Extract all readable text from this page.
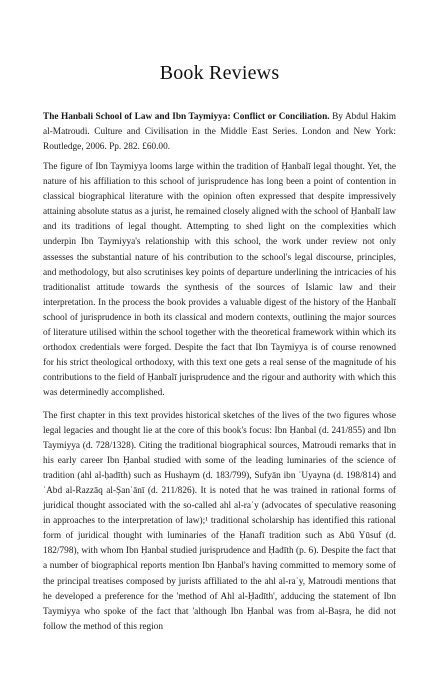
Book Reviews
The Hanbali School of Law and Ibn Taymiyya: Conflict or Conciliation. By Abdul Hakim al-Matroudi. Culture and Civilisation in the Middle East Series. London and New York: Routledge, 2006. Pp. 282. £60.00.

The figure of Ibn Taymiyya looms large within the tradition of Ḥanbalī legal thought. Yet, the nature of his affiliation to this school of jurisprudence has long been a point of contention in classical biographical literature with the opinion often expressed that despite impressively attaining absolute status as a jurist, he remained closely aligned with the school of Ḥanbalī law and its traditions of legal thought. Attempting to shed light on the complexities which underpin Ibn Taymiyya's relationship with this school, the work under review not only assesses the substantial nature of his contribution to the school's legal discourse, principles, and methodology, but also scrutinises key points of departure underlining the intricacies of his traditionalist attitude towards the synthesis of the sources of Islamic law and their interpretation. In the process the book provides a valuable digest of the history of the Ḥanbalī school of jurisprudence in both its classical and modern contexts, outlining the major sources of literature utilised within the school together with the theoretical framework within which its orthodox credentials were forged. Despite the fact that Ibn Taymiyya is of course renowned for his strict theological orthodoxy, with this text one gets a real sense of the magnitude of his contributions to the field of Ḥanbalī jurisprudence and the rigour and authority with which this was determinedly accomplished.

The first chapter in this text provides historical sketches of the lives of the two figures whose legal legacies and thought lie at the core of this book's focus: Ibn Ḥanbal (d. 241/855) and Ibn Taymiyya (d. 728/1328). Citing the traditional biographical sources, Matroudi remarks that in his early career Ibn Ḥanbal studied with some of the leading luminaries of the science of tradition (ahl al-ḥadīth) such as Hushaym (d. 183/799), Sufyān ibn ʿUyayna (d. 198/814) and ʿAbd al-Razzāq al-Ṣanʿānī (d. 211/826). It is noted that he was trained in rational forms of juridical thought associated with the so-called ahl al-raʾy (advocates of speculative reasoning in approaches to the interpretation of law);¹ traditional scholarship has identified this rational form of juridical thought with luminaries of the Ḥanafī tradition such as Abū Yūsuf (d. 182/798), with whom Ibn Ḥanbal studied jurisprudence and Ḥadīth (p. 6). Despite the fact that a number of biographical reports mention Ibn Ḥanbal's having committed to memory some of the principal treatises composed by jurists affiliated to the ahl al-raʾy, Matroudi mentions that he developed a preference for the 'method of Ahl al-Ḥadīth', adducing the statement of Ibn Taymiyya who spoke of the fact that 'although Ibn Ḥanbal was from al-Baṣra, he did not follow the method of this region
